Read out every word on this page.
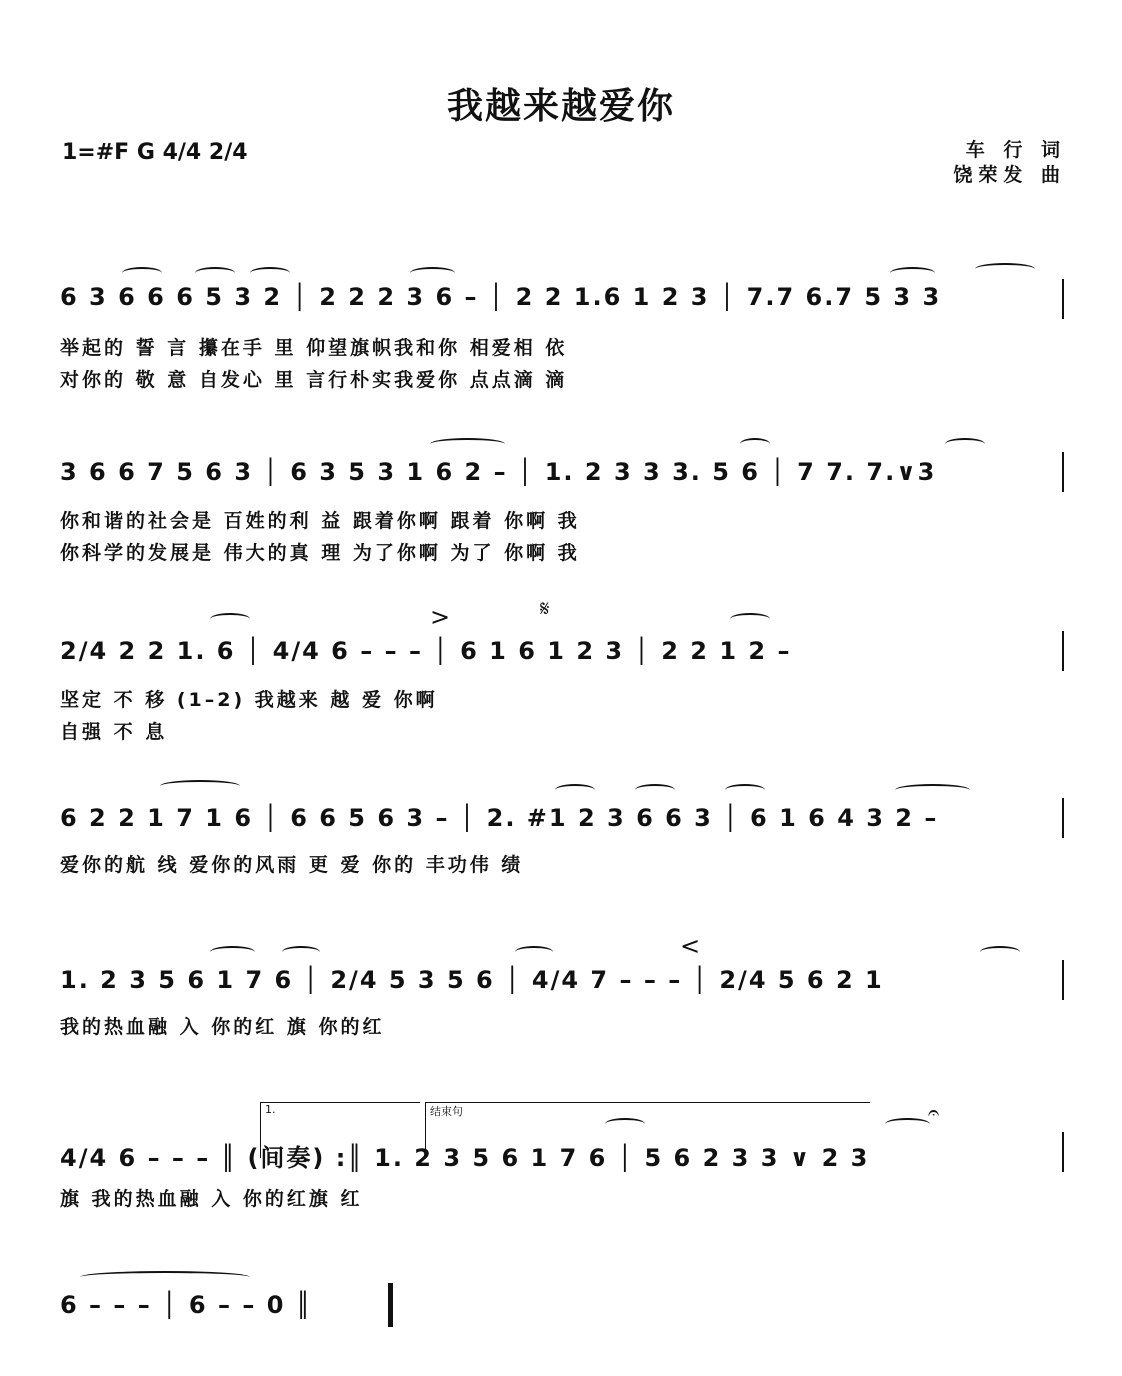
我越来越爱你
1=#F G 4/4 2/4	车 行 词
饶荣发 曲
6 3 6 6 6 5 3 2 │ 2 2 2 3 6 – │ 2 2 1.6 1 2 3 │ 7.7 6.7 5 3 3
举起的 誓 言 攥在手 里 仰望旗帜我和你 相爱相 依
对你的 敬 意 自发心 里 言行朴实我爱你 点点滴 滴
3 6 6 7 5 6 3 │ 6 3 5 3 1 6 2 – │ 1. 2 3 3 3. 5 6 │ 7 7. 7.∨3
你和谐的社会是 百姓的利 益 跟着你啊 跟着 你啊 我
你科学的发展是 伟大的真 理 为了你啊 为了 你啊 我
>	𝄋
2/4 2 2 1. 6 │ 4/4 6 – – – │ 6 1 6 1 2 3 │ 2 2 1 2 –
坚定 不 移 (1–2) 我越来 越 爱 你啊
自强 不 息
6 2 2 1 7 1 6 │ 6 6 5 6 3 – │ 2. #1 2 3 6 6 3 │ 6 1 6 4 3 2 –
爱你的航 线 爱你的风雨 更 爱 你的 丰功伟 绩
<
1. 2 3 5 6 1 7 6 │ 2/4 5 3 5 6 │ 4/4 7 – – – │ 2/4 5 6 2 1
我的热血融 入 你的红 旗 你的红
1.	结束句	𝄐
4/4 6 – – – ║ (间奏) :║ 1. 2 3 5 6 1 7 6 │ 5 6 2 3 3 ∨ 2 3
旗 我的热血融 入 你的红旗 红
6 – – – │ 6 – – 0 ║
